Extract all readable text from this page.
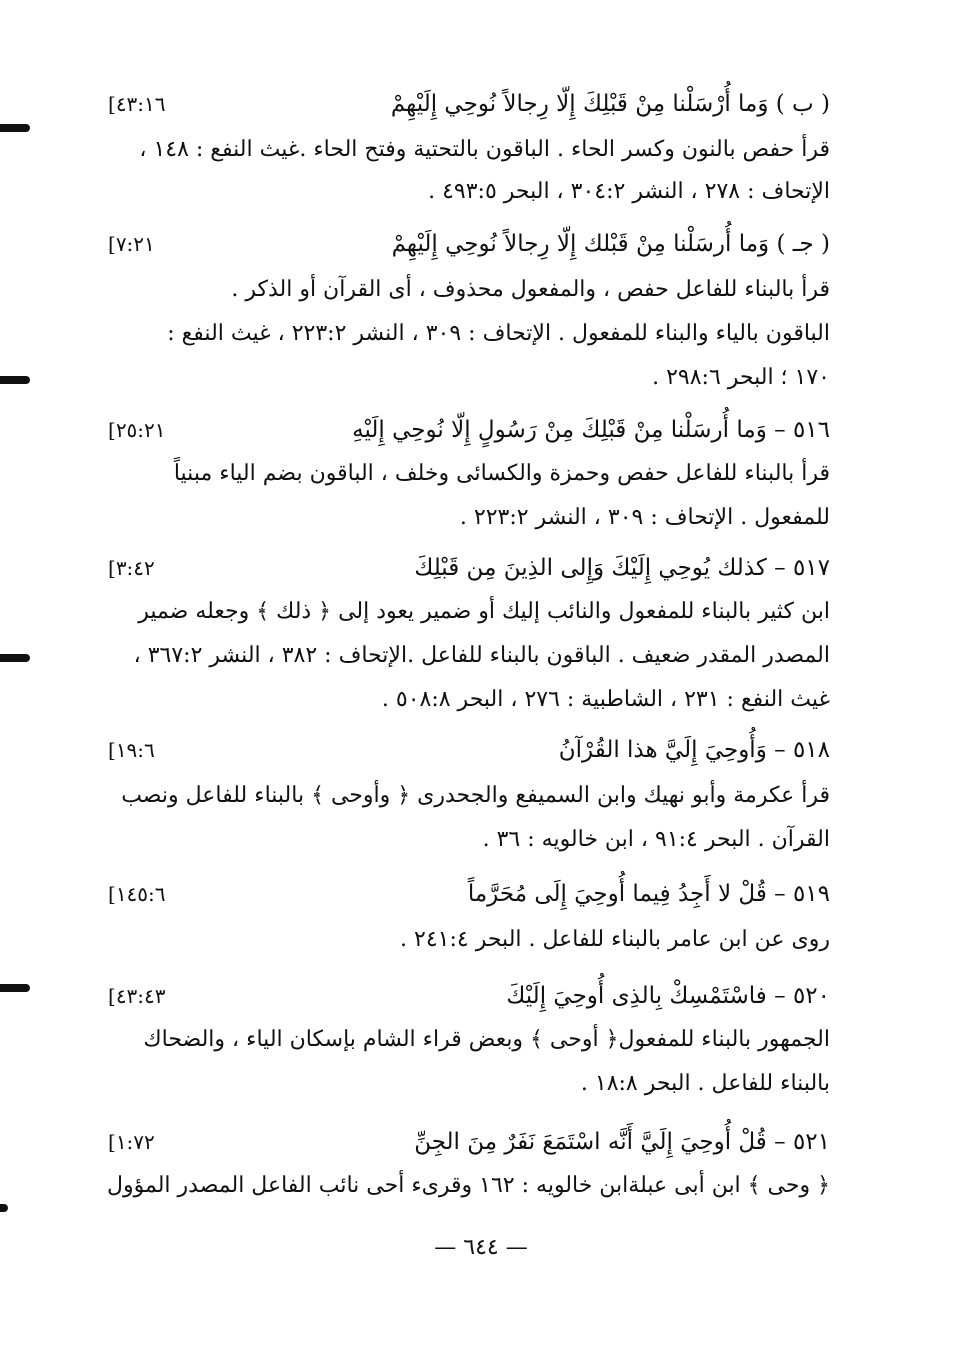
( ب ) وَما أُرْسَلْنا مِنْ قَبْلِكَ إِلّا رِجالاً نُوحِي إِلَيْهِمْ
[٤٣:١٦
قرأ حفص بالنون وكسر الحاء . الباقون بالتحتية وفتح الحاء .غيث النفع : ١٤٨ ،
الإتحاف : ٢٧٨ ، النشر ٣٠٤:٢ ، البحر ٤٩٣:٥ .
( جـ ) وَما أُرسَلْنا مِنْ قَبْلك إِلّا رِجالاً نُوحِي إِلَيْهِمْ
[٧:٢١
قرأ بالبناء للفاعل حفص ، والمفعول محذوف ، أى القرآن أو الذكر .
الباقون بالياء والبناء للمفعول . الإتحاف : ٣٠٩ ، النشر ٢٢٣:٢ ، غيث النفع :
١٧٠ ؛ البحر ٢٩٨:٦ .
٥١٦ – وَما أُرسَلْنا مِنْ قَبْلِكَ مِنْ رَسُولٍ إِلّا نُوحِي إِلَيْهِ
[٢٥:٢١
قرأ بالبناء للفاعل حفص وحمزة والكسائى وخلف ، الباقون بضم الياء مبنياً
للمفعول . الإتحاف : ٣٠٩ ، النشر ٢٢٣:٢ .
٥١٧ – كذلك يُوحِي إِلَيْكَ وَإِلى الذِينَ مِن قَبْلِكَ
[٣:٤٢
ابن كثير بالبناء للمفعول والنائب إليك أو ضمير يعود إلى ﴿ ذلك ﴾ وجعله ضمير
المصدر المقدر ضعيف . الباقون بالبناء للفاعل .الإتحاف : ٣٨٢ ، النشر ٣٦٧:٢ ،
غيث النفع : ٢٣١ ، الشاطبية : ٢٧٦ ، البحر ٥٠٨:٨ .
٥١٨ – وَأُوحِيَ إِلَيَّ هذا القُرْآنُ
[١٩:٦
قرأ عكرمة وأبو نهيك وابن السميفع والجحدرى ﴿ وأوحى ﴾ بالبناء للفاعل ونصب
القرآن . البحر ٩١:٤ ، ابن خالويه : ٣٦ .
٥١٩ – قُلْ لا أَجِدُ فِيما أُوحِيَ إِلَى مُحَرَّماً
[١٤٥:٦
روى عن ابن عامر بالبناء للفاعل . البحر ٢٤١:٤ .
٥٢٠ – فاسْتَمْسِكْ بِالذِى أُوحِيَ إِلَيْكَ
[٤٣:٤٣
الجمهور بالبناء للمفعول﴿ أوحى ﴾ وبعض قراء الشام بإسكان الياء ، والضحاك
بالبناء للفاعل . البحر ١٨:٨ .
٥٢١ – قُلْ أُوحِيَ إِلَيَّ أَنَّه اسْتَمَعَ نَفَرٌ مِنَ الجِنِّ
[١:٧٢
﴿ وحى ﴾ ابن أبى عبلةابن خالويه : ١٦٢ وقرىء أحى نائب الفاعل المصدر المؤول
— ٦٤٤ —
